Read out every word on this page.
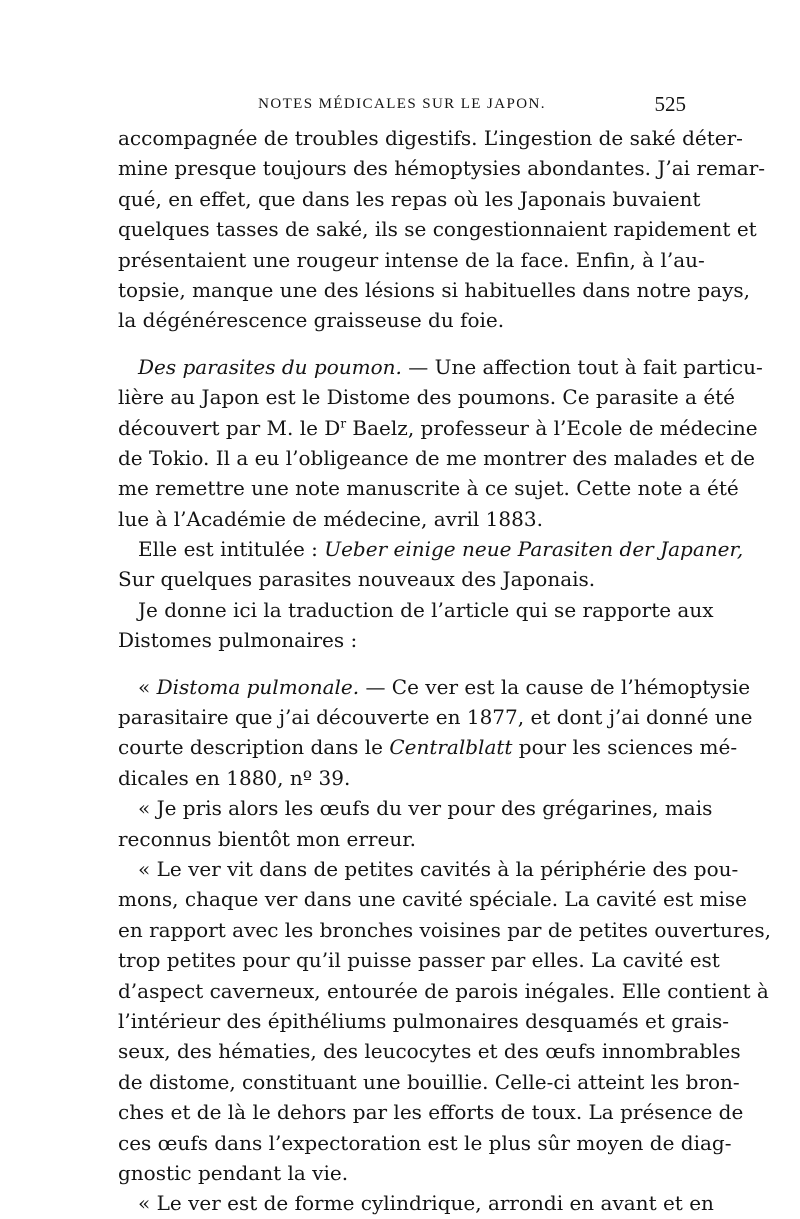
NOTES MÉDICALES SUR LE JAPON.	525
accompagnée de troubles digestifs. L’ingestion de saké déter-
mine presque toujours des hémoptysies abondantes. J’ai remar-
qué, en effet, que dans les repas où les Japonais buvaient
quelques tasses de saké, ils se congestionnaient rapidement et
présentaient une rougeur intense de la face. Enfin, à l’au-
topsie, manque une des lésions si habituelles dans notre pays,
la dégénérescence graisseuse du foie.
Des parasites du poumon. — Une affection tout à fait particu-
lière au Japon est le Distome des poumons. Ce parasite a été
découvert par M. le $D^r$ Baelz, professeur à l’Ecole de médecine
de Tokio. Il a eu l’obligeance de me montrer des malades et de
me remettre une note manuscrite à ce sujet. Cette note a été
lue à l’Académie de médecine, avril 1883.
Elle est intitulée : Ueber einige neue Parasiten der Japaner,
Sur quelques parasites nouveaux des Japonais.
Je donne ici la traduction de l’article qui se rapporte aux
Distomes pulmonaires :
« Distoma pulmonale. — Ce ver est la cause de l’hémoptysie
parasitaire que j’ai découverte en 1877, et dont j’ai donné une
courte description dans le Centralblatt pour les sciences mé-
dicales en 1880, nº 39.
« Je pris alors les œufs du ver pour des grégarines, mais
reconnus bientôt mon erreur.
« Le ver vit dans de petites cavités à la périphérie des pou-
mons, chaque ver dans une cavité spéciale. La cavité est mise
en rapport avec les bronches voisines par de petites ouvertures,
trop petites pour qu’il puisse passer par elles. La cavité est
d’aspect caverneux, entourée de parois inégales. Elle contient à
l’intérieur des épithéliums pulmonaires desquamés et grais-
seux, des hématies, des leucocytes et des œufs innombrables
de distome, constituant une bouillie. Celle-ci atteint les bron-
ches et de là le dehors par les efforts de toux. La présence de
ces œufs dans l’expectoration est le plus sûr moyen de diag-
gnostic pendant la vie.
« Le ver est de forme cylindrique, arrondi en avant et en
